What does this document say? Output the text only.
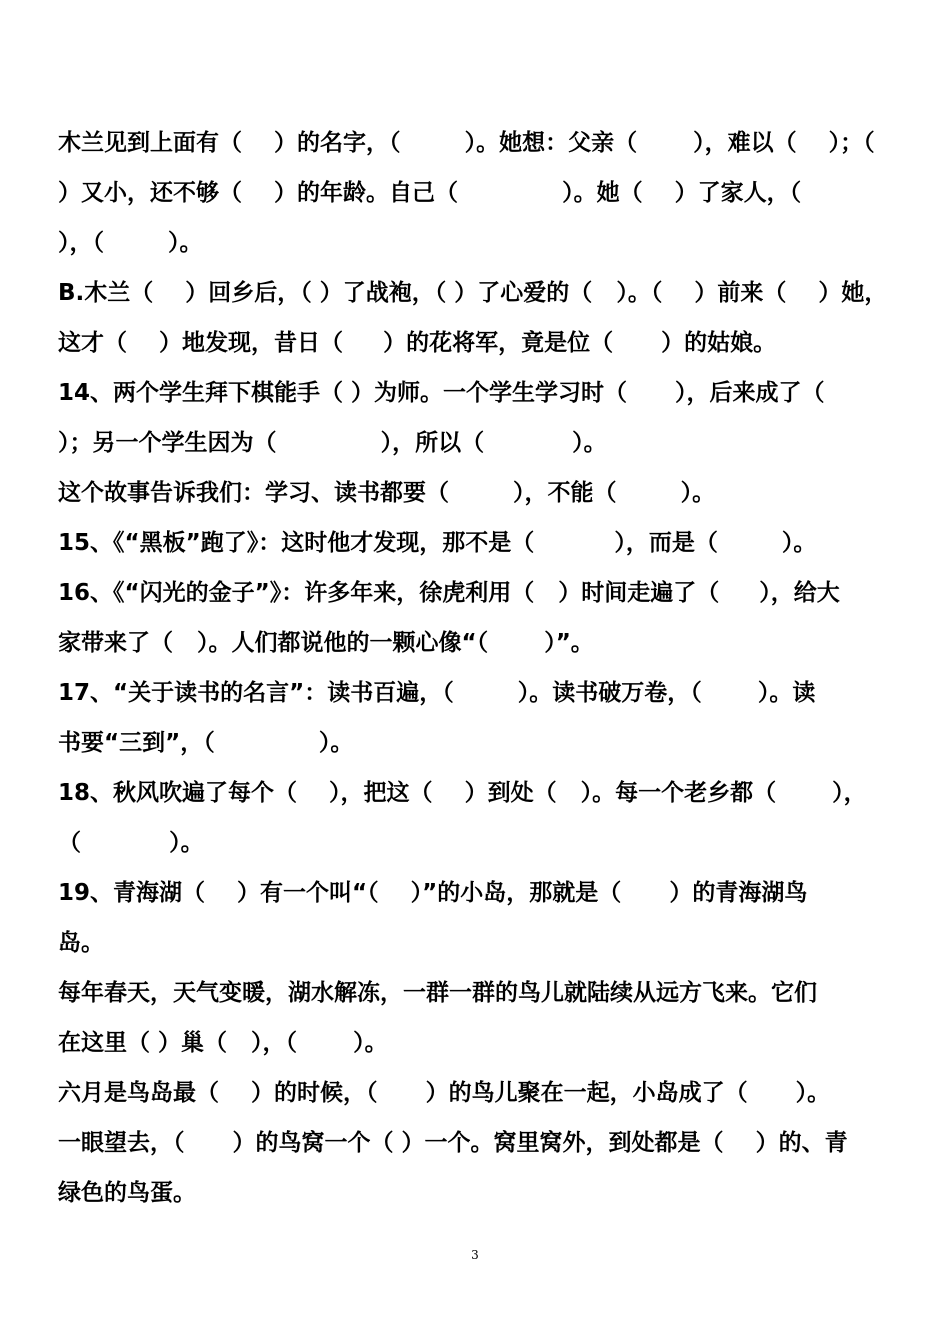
木兰见到上面有（    ）的名字，（        ）。她想：父亲（       ），难以（    ）；（
）又小，还不够（    ）的年龄。自己（             ）。她（    ）了家人，（
），（        ）。
B.木兰（    ）回乡后，（ ）了战袍，（ ）了心爱的（   ）。（    ）前来（    ）她，
这才（    ）地发现，昔日（     ）的花将军，竟是位（      ）的姑娘。
14、两个学生拜下棋能手（ ）为师。一个学生学习时（      ），后来成了（
）；另一个学生因为（             ），所以（           ）。
这个故事告诉我们：学习、读书都要（        ），不能（        ）。
15、《“黑板”跑了》：这时他才发现，那不是（          ），而是（        ）。
16、《“闪光的金子”》：许多年来，徐虎利用（   ）时间走遍了（     ），给大
家带来了（   ）。人们都说他的一颗心像“（       ）”。
17、“关于读书的名言”：读书百遍，（        ）。读书破万卷，（       ）。读
书要“三到”，（             ）。
18、秋风吹遍了每个（    ），把这（    ）到处（   ）。每一个老乡都（       ），
（           ）。
19、青海湖（    ）有一个叫“（    ）”的小岛，那就是（      ）的青海湖鸟
岛。
每年春天，天气变暖，湖水解冻，一群一群的鸟儿就陆续从远方飞来。它们
在这里（ ）巢（   ），（       ）。
六月是鸟岛最（    ）的时候，（      ）的鸟儿聚在一起，小岛成了（      ）。
一眼望去，（      ）的鸟窝一个（ ）一个。窝里窝外，到处都是（    ）的、青
绿色的鸟蛋。
3
